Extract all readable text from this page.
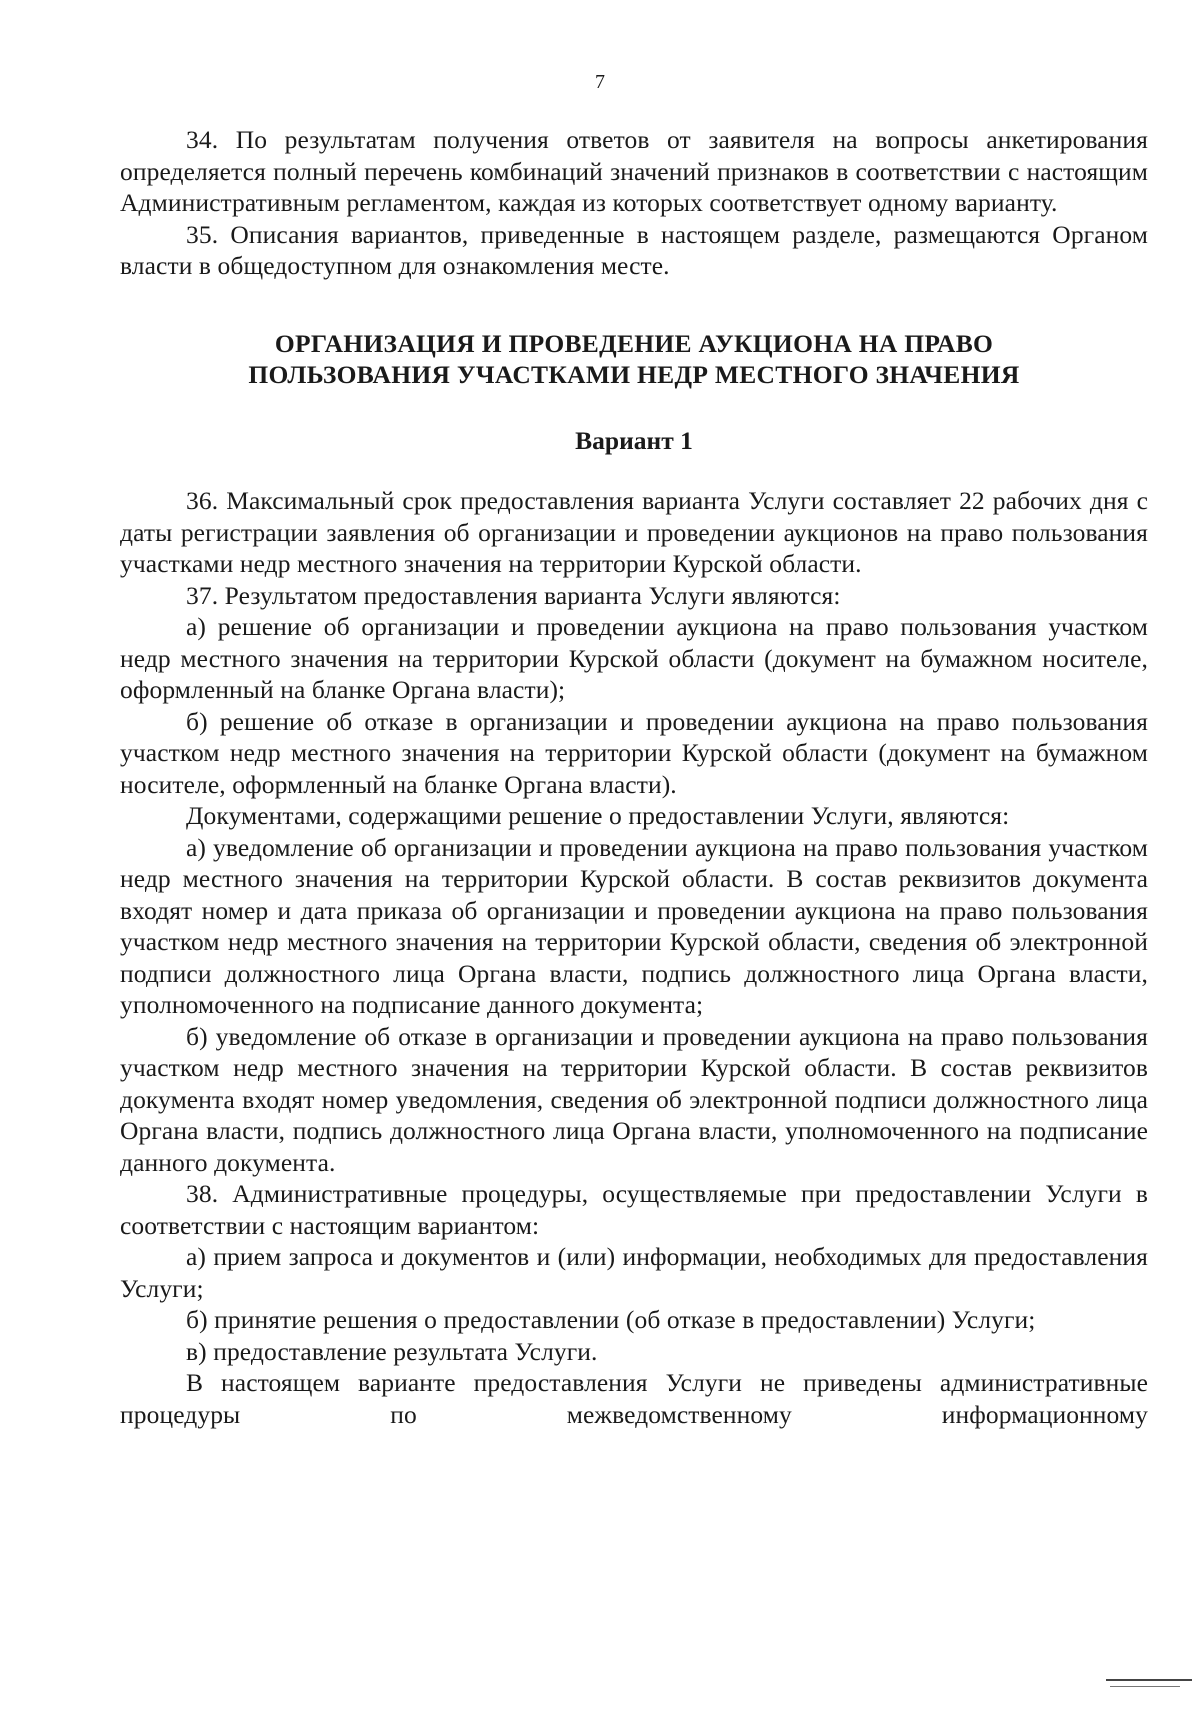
7

34. По результатам получения ответов от заявителя на вопросы анкетирования определяется полный перечень комбинаций значений признаков в соответствии с настоящим Административным регламентом, каждая из которых соответствует одному варианту.

35. Описания вариантов, приведенные в настоящем разделе, размещаются Органом власти в общедоступном для ознакомления месте.

ОРГАНИЗАЦИЯ И ПРОВЕДЕНИЕ АУКЦИОНА НА ПРАВО
ПОЛЬЗОВАНИЯ УЧАСТКАМИ НЕДР МЕСТНОГО ЗНАЧЕНИЯ
Вариант 1

36. Максимальный срок предоставления варианта Услуги составляет 22 рабочих дня с даты регистрации заявления об организации и проведении аукционов на право пользования участками недр местного значения на территории Курской области.

37. Результатом предоставления варианта Услуги являются:

а) решение об организации и проведении аукциона на право пользования участком недр местного значения на территории Курской области (документ на бумажном носителе, оформленный на бланке Органа власти);

б) решение об отказе в организации и проведении аукциона на право пользования участком недр местного значения на территории Курской области (документ на бумажном носителе, оформленный на бланке Органа власти).

Документами, содержащими решение о предоставлении Услуги, являются:

а) уведомление об организации и проведении аукциона на право пользования участком недр местного значения на территории Курской области. В состав реквизитов документа входят номер и дата приказа об организации и проведении аукциона на право пользования участком недр местного значения на территории Курской области, сведения об электронной подписи должностного лица Органа власти, подпись должностного лица Органа власти, уполномоченного на подписание данного документа;

б) уведомление об отказе в организации и проведении аукциона на право пользования участком недр местного значения на территории Курской области. В состав реквизитов документа входят номер уведомления, сведения об электронной подписи должностного лица Органа власти, подпись должностного лица Органа власти, уполномоченного на подписание данного документа.

38. Административные процедуры, осуществляемые при предоставлении Услуги в соответствии с настоящим вариантом:

а) прием запроса и документов и (или) информации, необходимых для предоставления Услуги;

б) принятие решения о предоставлении (об отказе в предоставлении) Услуги;

в) предоставление результата Услуги.

В настоящем варианте предоставления Услуги не приведены административные процедуры по межведомственному информационному
